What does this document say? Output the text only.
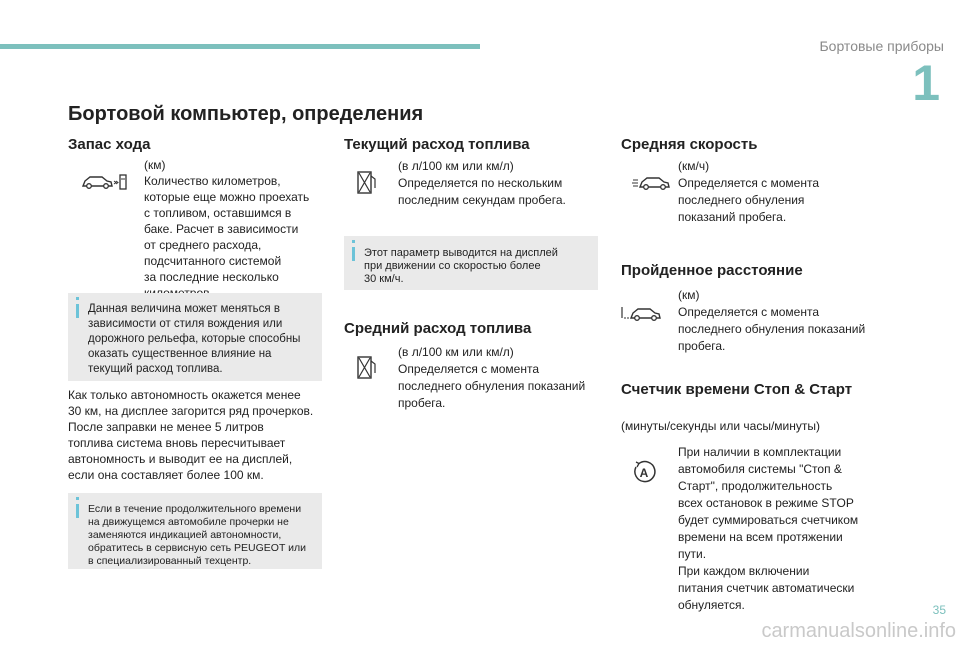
Бортовые приборы
1
Бортовой компьютер, определения
Запас хода
(км)
Количество километров,
которые еще можно проехать
с топливом, оставшимся в
баке. Расчет в зависимости
от среднего расхода,
подсчитанного системой
за последние несколько
Данная величина может меняться в
зависимости от стиля вождения или
дорожного рельефа, которые способны
оказать существенное влияние на
текущий расход топлива.
Как только автономность окажется менее
30 км, на дисплее загорится ряд прочерков.
После заправки не менее 5 литров
топлива система вновь пересчитывает
автономность и выводит ее на дисплей,
если она составляет более 100 км.
Если в течение продолжительного времени
на движущемся автомобиле прочерки не
заменяются индикацией автономности,
обратитесь в сервисную сеть PEUGEOT или
в специализированный техцентр.
Текущий расход топлива
(в л/100 км или км/л)
Определяется по нескольким
последним секундам пробега.
Этот параметр выводится на дисплей
при движении со скоростью более
30 км/ч.
Средний расход топлива
(в л/100 км или км/л)
Определяется с момента
последнего обнуления показаний
пробега.
Средняя скорость
(км/ч)
Определяется с момента
последнего обнуления
показаний пробега.
Пройденное расстояние
(км)
Определяется с момента
последнего обнуления показаний
пробега.
Счетчик времени Стоп & Старт
(минуты/секунды или часы/минуты)
A
При наличии в комплектации
автомобиля системы "Стоп &
Старт", продолжительность
всех остановок в режиме STOP
будет суммироваться счетчиком
времени на всем протяжении
пути.
При каждом включении
питания счетчик автоматически
обнуляется.	35
carmanualsonline.info
